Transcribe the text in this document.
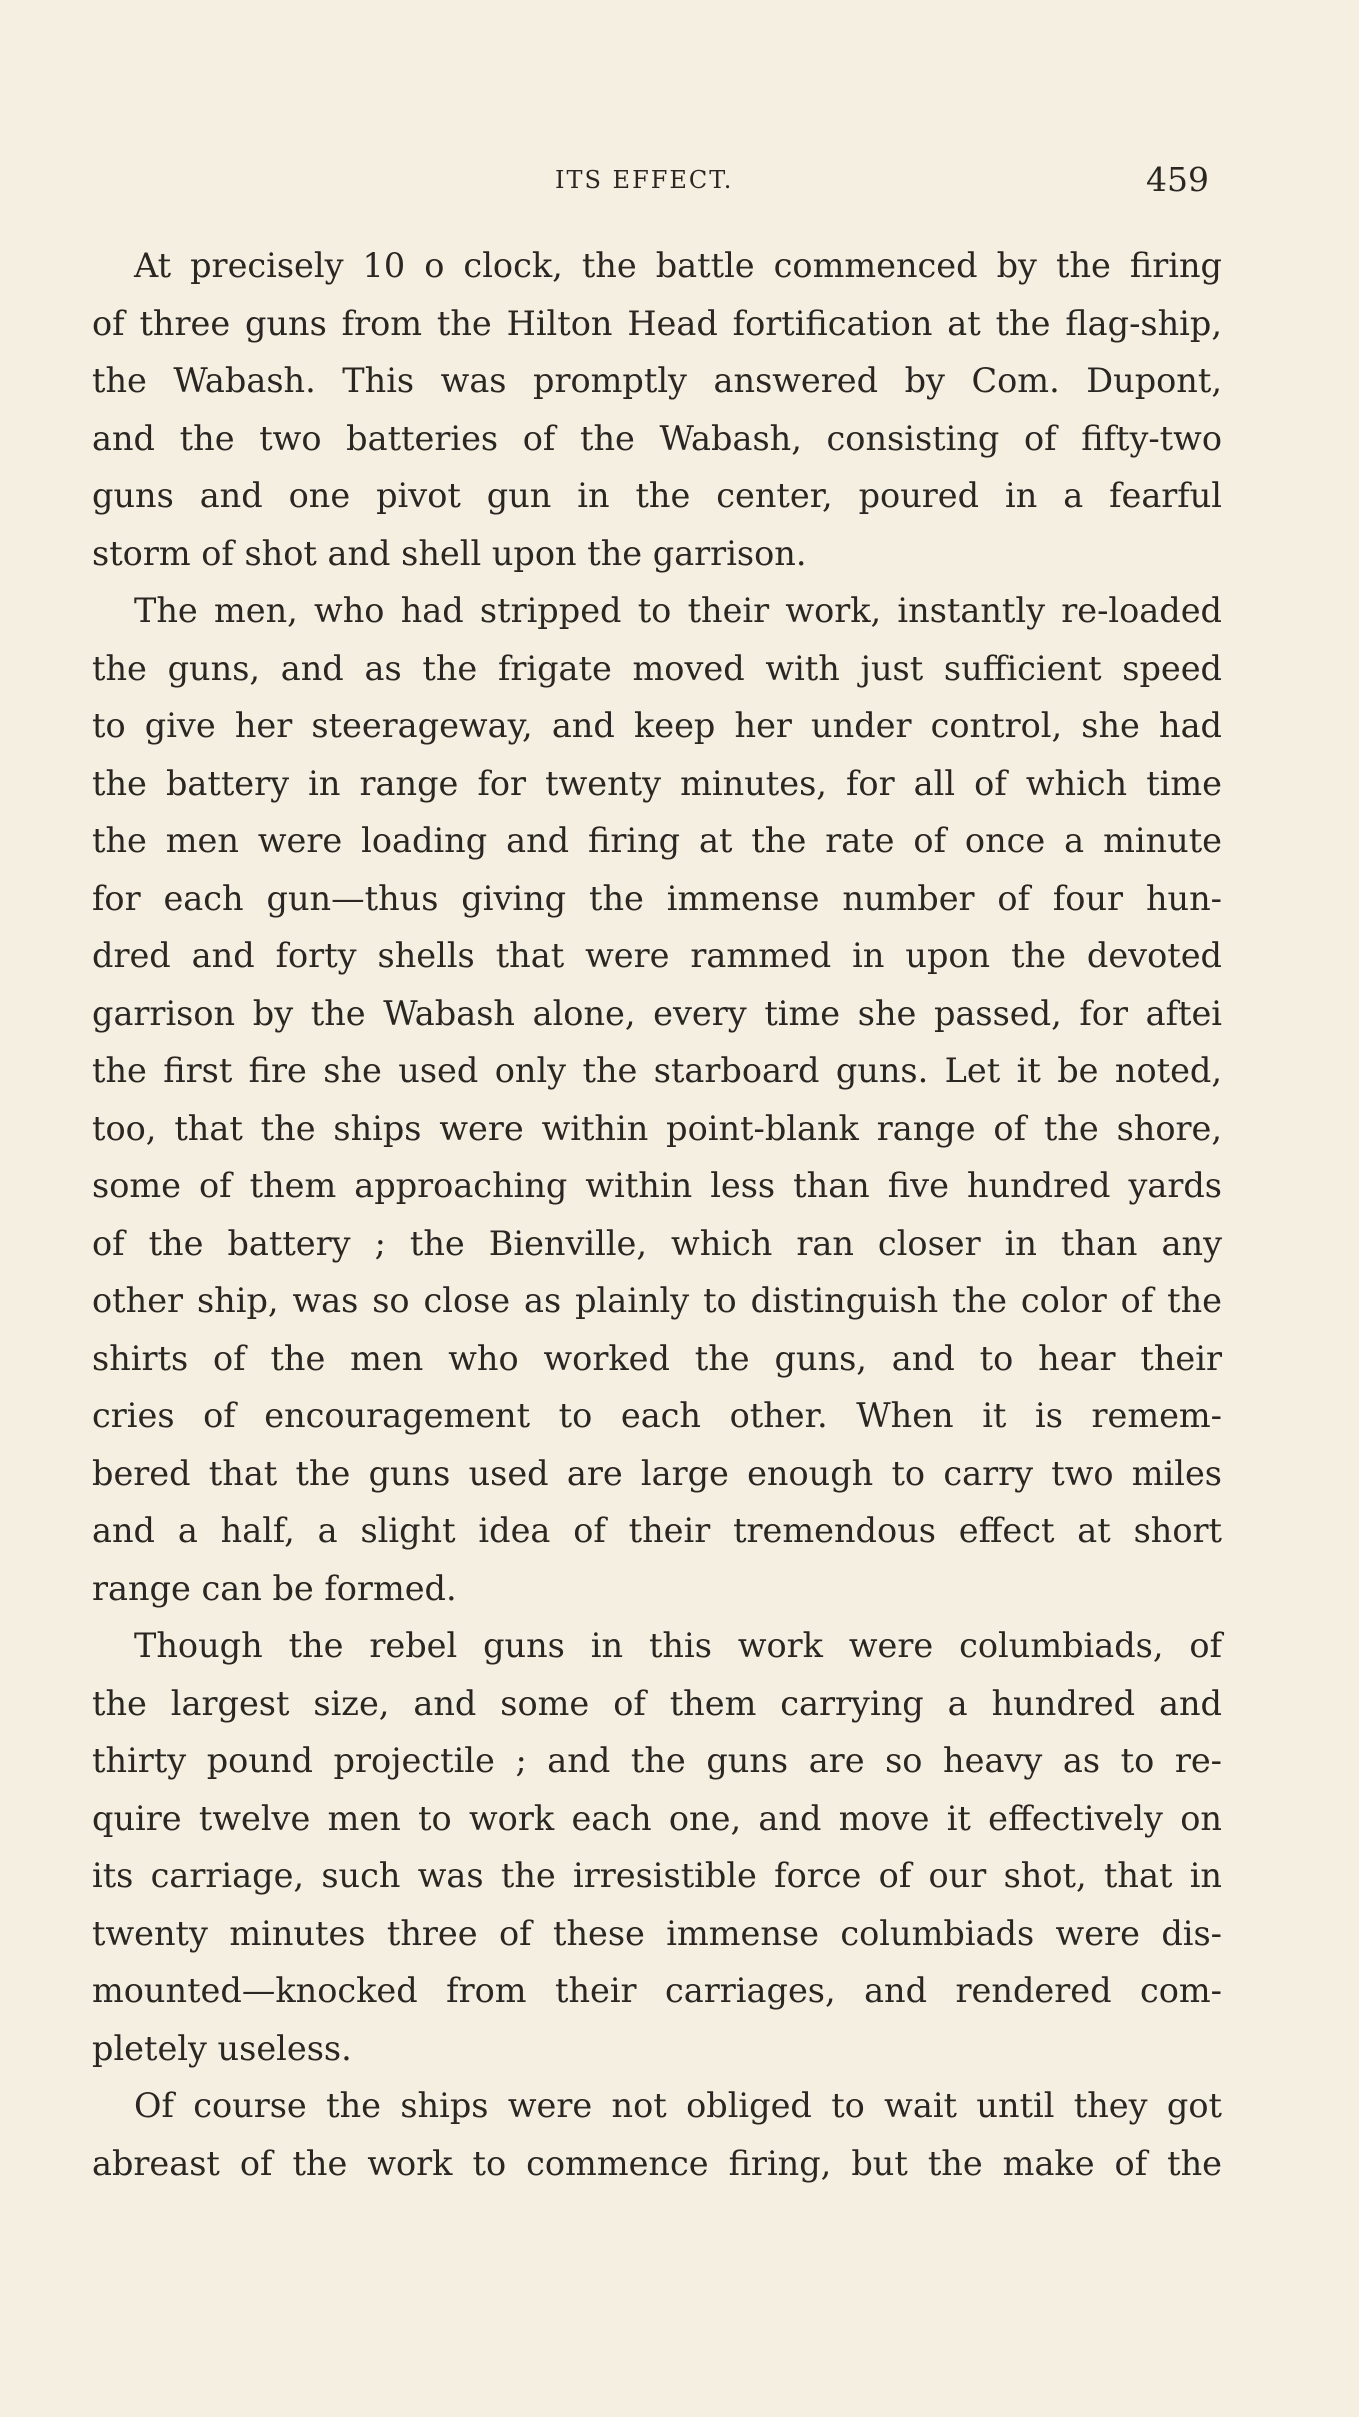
ITS EFFECT.	459
At precisely 10 o clock, the battle commenced by the firing
of three guns from the Hilton Head fortification at the flag-ship,
the Wabash. This was promptly answered by Com. Dupont,
and the two batteries of the Wabash, consisting of fifty-two
guns and one pivot gun in the center, poured in a fearful
storm of shot and shell upon the garrison.
The men, who had stripped to their work, instantly re-loaded
the guns, and as the frigate moved with just sufficient speed
to give her steerageway, and keep her under control, she had
the battery in range for twenty minutes, for all of which time
the men were loading and firing at the rate of once a minute
for each gun—thus giving the immense number of four hun-
dred and forty shells that were rammed in upon the devoted
garrison by the Wabash alone, every time she passed, for aftei
the first fire she used only the starboard guns. Let it be noted,
too, that the ships were within point-blank range of the shore,
some of them approaching within less than five hundred yards
of the battery ; the Bienville, which ran closer in than any
other ship, was so close as plainly to distinguish the color of the
shirts of the men who worked the guns, and to hear their
cries of encouragement to each other. When it is remem-
bered that the guns used are large enough to carry two miles
and a half, a slight idea of their tremendous effect at short
range can be formed.
Though the rebel guns in this work were columbiads, of
the largest size, and some of them carrying a hundred and
thirty pound projectile ; and the guns are so heavy as to re-
quire twelve men to work each one, and move it effectively on
its carriage, such was the irresistible force of our shot, that in
twenty minutes three of these immense columbiads were dis-
mounted—knocked from their carriages, and rendered com-
pletely useless.
Of course the ships were not obliged to wait until they got
abreast of the work to commence firing, but the make of the
